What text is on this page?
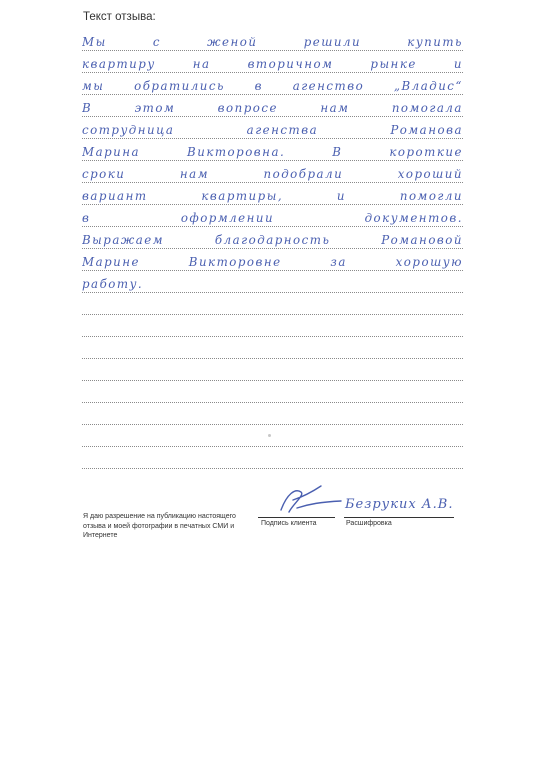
Текст отзыва:
Мы	с	женой	решили	купить
квартиру	на	вторичном	рынке	и
мы	обратились	в	агенство	„Владис“
В	этом	вопросе	нам	помогала
сотрудница	агенства	Романова
Марина	Викторовна.	В	короткие
сроки	нам	подобрали	хороший
вариант	квартиры,	и	помогли
в	оформлении	документов.
Выражаем	благодарность	Романовой
Марине	Викторовне	за	хорошую
работу.
Я даю разрешение на публикацию настоящего отзыва и моей фотографии в печатных СМИ и Интернете
Подпись клиента
Безруких А.В.
Расшифровка
